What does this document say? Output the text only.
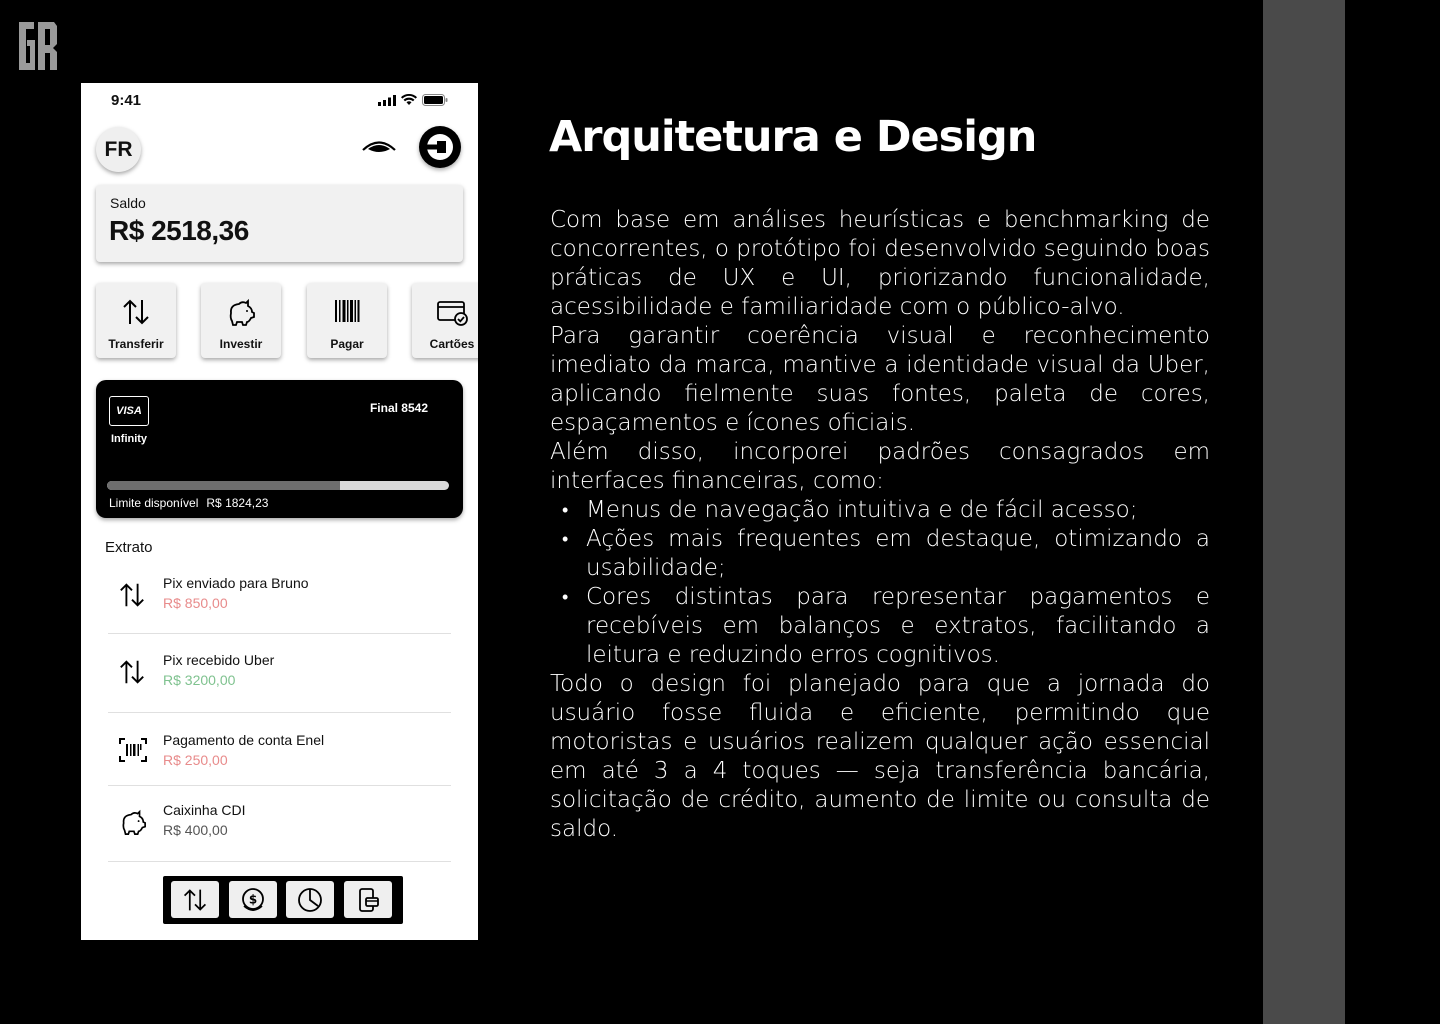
9:41
FR
Saldo
R$ 2518,36
Transferir	Investir	Pagar	Cartões
VISA
Infinity
Final 8542
Limite disponível R$ 1824,23
Extrato
Pix enviado para Bruno
R$ 850,00
Pix recebido Uber
R$ 3200,00
Pagamento de conta Enel
R$ 250,00
Caixinha CDI
R$ 400,00
$
Arquitetura e Design

Com base em análises heurísticas e benchmarking de concorrentes, o protótipo foi desenvolvido seguindo boas práticas de UX e UI, priorizando funcionalidade, acessibilidade e familiaridade com o público-alvo.

Para garantir coerência visual e reconhecimento imediato da marca, mantive a identidade visual da Uber, aplicando fielmente suas fontes, paleta de cores, espaçamentos e ícones oficiais.

Além disso, incorporei padrões consagrados em interfaces financeiras, como:

• Menus de navegação intuitiva e de fácil acesso;
• Ações mais frequentes em destaque, otimizando a usabilidade;
• Cores distintas para representar pagamentos e recebíveis em balanços e extratos, facilitando a leitura e reduzindo erros cognitivos.

Todo o design foi planejado para que a jornada do usuário fosse fluida e eficiente, permitindo que motoristas e usuários realizem qualquer ação essencial em até 3 a 4 toques — seja transferência bancária, solicitação de crédito, aumento de limite ou consulta de saldo.
